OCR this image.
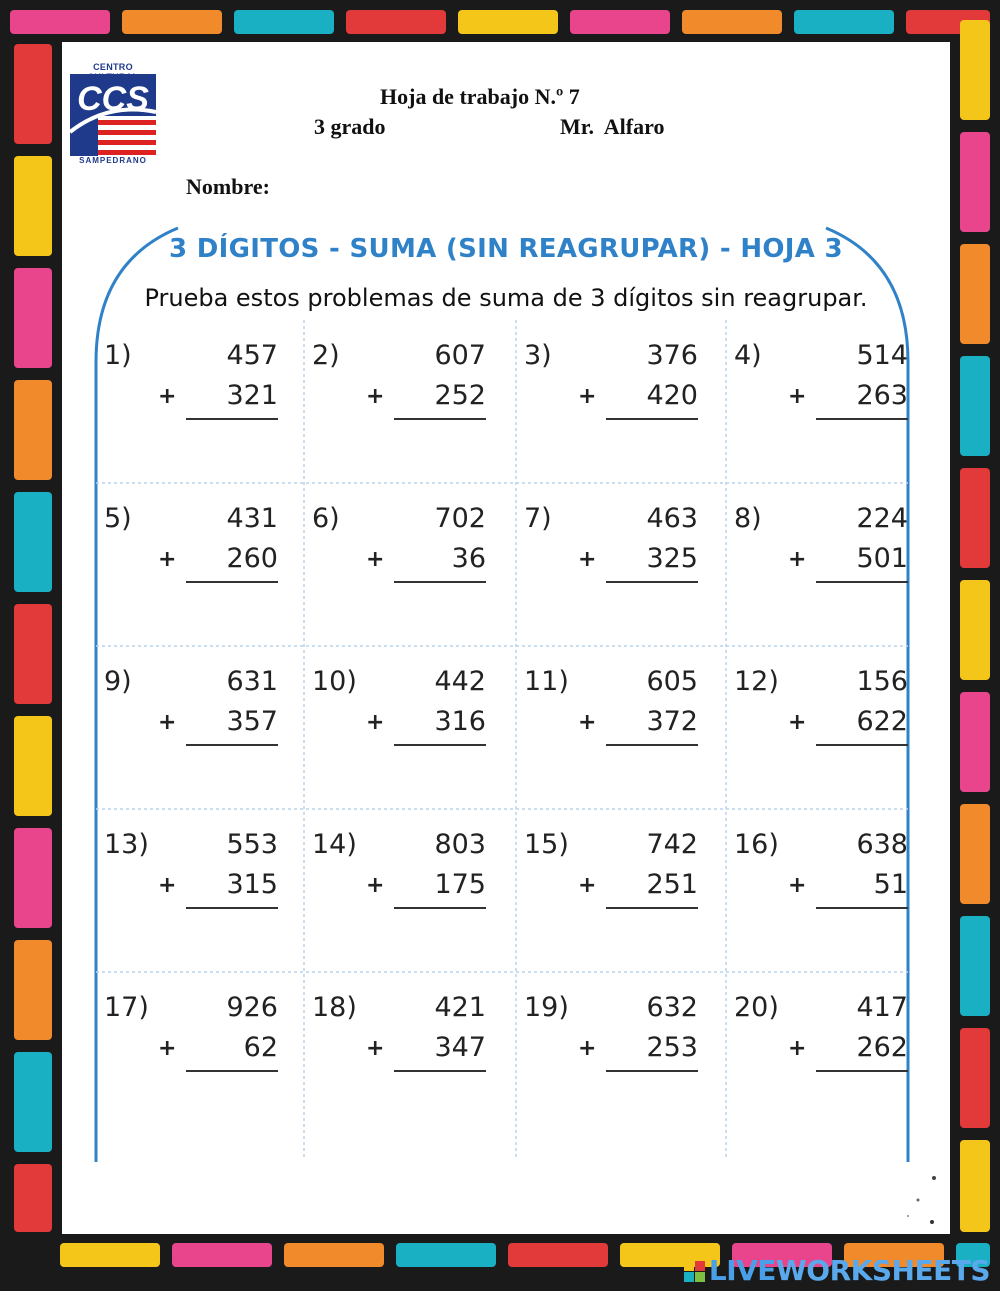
CENTRO
CCS
SAMPEDRANO
Hoja de trabajo N.º 7
3 grado	Mr.  Alfaro
Nombre:
3 DÍGITOS - SUMA (SIN REAGRUPAR) - HOJA 3
Prueba estos problemas de suma de 3 dígitos sin reagrupar.
1)	457
+ 321
2)	607
+ 252
3)	376
+ 420
4)	514
+ 263
5)	431
+ 260
6)	702
+ 36
7)	463
+ 325
8)	224
+ 501
9)	631
+ 357
10)	442
+ 316
11)	605
+ 372
12)	156
+ 622
13)	553
+ 315
14)	803
+ 175
15)	742
+ 251
16)	638
+ 51
17)	926
+ 62
18)	421
+ 347
19)	632
+ 253
20)	417
+ 262
LIVEWORKSHEETS
